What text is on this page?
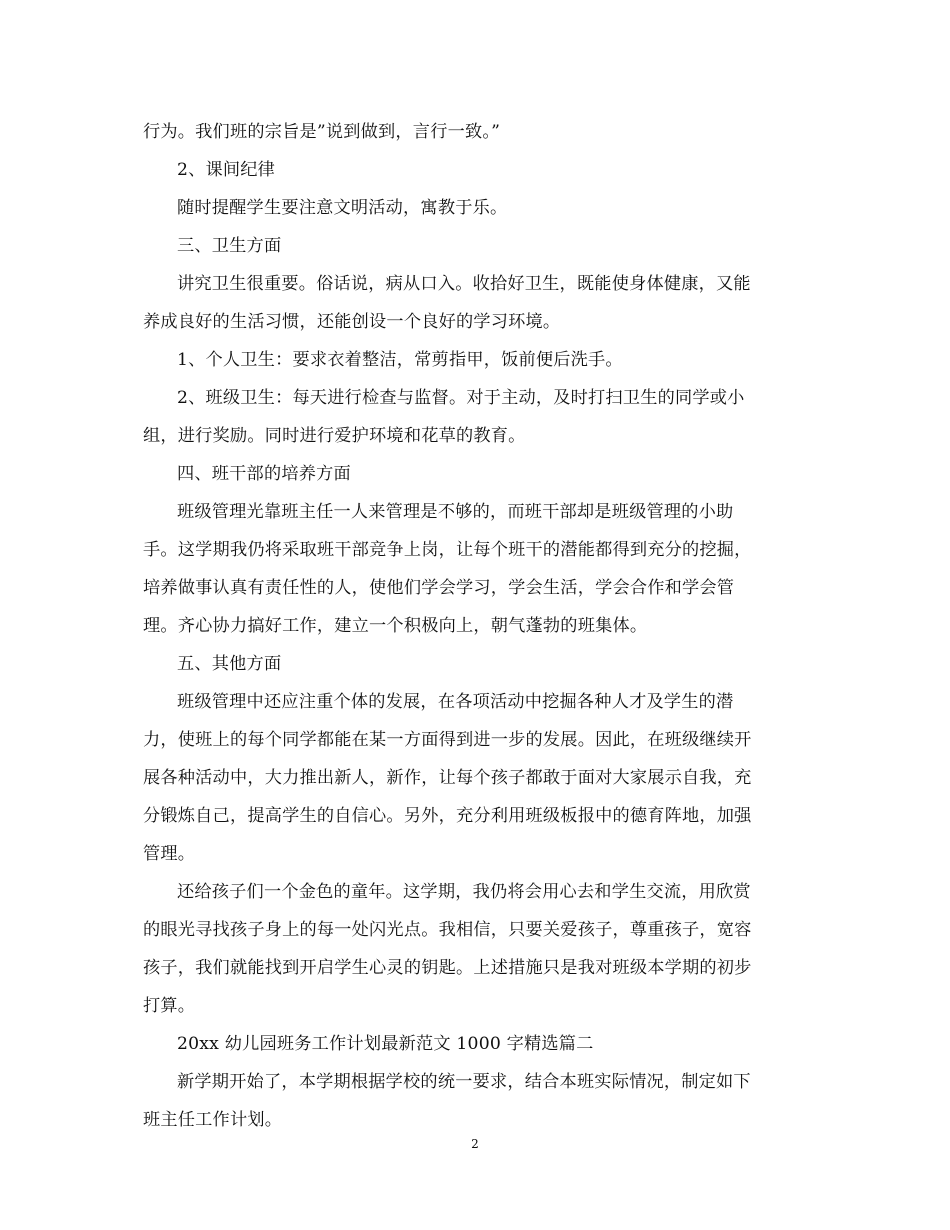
行为。我们班的宗旨是”说到做到，言行一致。”
2、课间纪律
随时提醒学生要注意文明活动，寓教于乐。
三、卫生方面
讲究卫生很重要。俗话说，病从口入。收拾好卫生，既能使身体健康，又能
养成良好的生活习惯，还能创设一个良好的学习环境。
1、个人卫生：要求衣着整洁，常剪指甲，饭前便后洗手。
2、班级卫生：每天进行检查与监督。对于主动，及时打扫卫生的同学或小
组，进行奖励。同时进行爱护环境和花草的教育。
四、班干部的培养方面
班级管理光靠班主任一人来管理是不够的，而班干部却是班级管理的小助
手。这学期我仍将采取班干部竞争上岗，让每个班干的潜能都得到充分的挖掘，
培养做事认真有责任性的人，使他们学会学习，学会生活，学会合作和学会管
理。齐心协力搞好工作，建立一个积极向上，朝气蓬勃的班集体。
五、其他方面
班级管理中还应注重个体的发展，在各项活动中挖掘各种人才及学生的潜
力，使班上的每个同学都能在某一方面得到进一步的发展。因此，在班级继续开
展各种活动中，大力推出新人，新作，让每个孩子都敢于面对大家展示自我，充
分锻炼自己，提高学生的自信心。另外，充分利用班级板报中的德育阵地，加强
管理。
还给孩子们一个金色的童年。这学期，我仍将会用心去和学生交流，用欣赏
的眼光寻找孩子身上的每一处闪光点。我相信，只要关爱孩子，尊重孩子，宽容
孩子，我们就能找到开启学生心灵的钥匙。上述措施只是我对班级本学期的初步
打算。
20xx 幼儿园班务工作计划最新范文 1000 字精选篇二
新学期开始了，本学期根据学校的统一要求，结合本班实际情况，制定如下
班主任工作计划。
2
